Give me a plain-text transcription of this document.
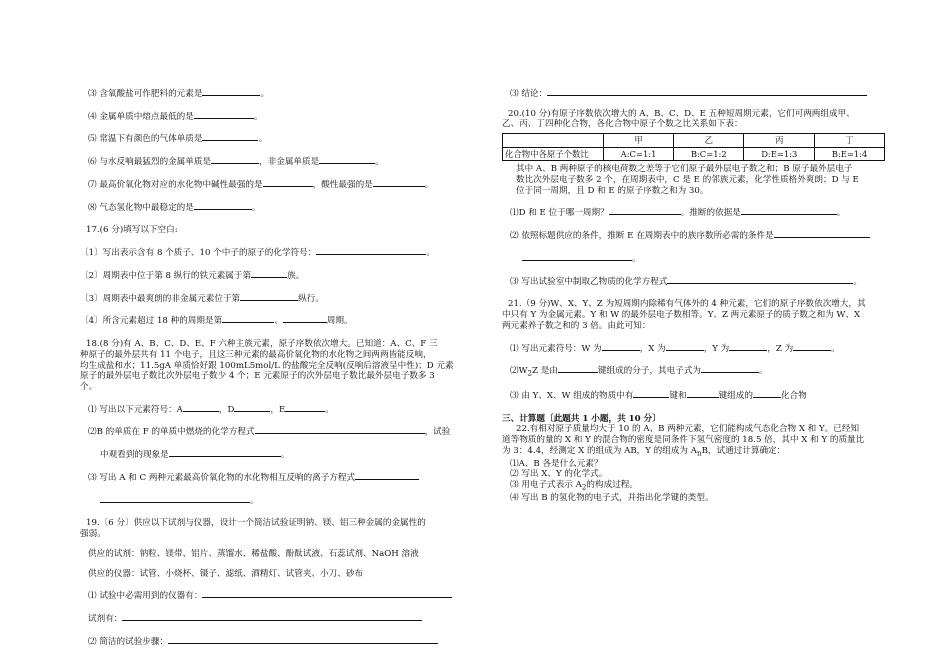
⑶ 含氧酸盐可作肥料的元素是	。

⑷ 金属单质中熔点最低的是	。

⑸ 常温下有颜色的气体单质是	。

⑹ 与水反响最猛烈的金属单质是	，非金属单质是	。

⑺ 最高价氧化物对应的水化物中碱性最强的是	，酸性最强的是	。

⑻ 气态氢化物中最稳定的是	。

17.(6 分)填写以下空白:

〔1〕写出表示含有 8 个质子、10 个中子的原子的化学符号：	。

〔2〕周期表中位于第 8 纵行的铁元素属于第	族。

〔3〕周期表中最爽朗的非金属元素位于第	纵行。

〔4〕所含元素超过 18 种的周期是第	、	周期。

18.(8 分)有 A、B、C、D、E、F 六种主族元素，原子序数依次增大。已知道：A、C、F 三

种原子的最外层共有 11 个电子，且这三种元素的最高价氧化物的水化物之间两两皆能反响，

均生成盐和水；11.5gA 单质恰好跟 100mL5mol/L 的盐酸完全反响(反响后溶液呈中性)；D 元素

原子的最外层电子数比次外层电子数少 4 个；E 元素原子的次外层电子数比最外层电子数多 3

个。

⑴ 写出以下元素符号：A	，D	，E	。

⑵B 的单质在 F 的单质中燃烧的化学方程式	，试验

中观看到的现象是	。

⑶ 写出 A 和 C 两种元素最高价氧化物的水化物相互反响的离子方程式

。

19.〔6 分〕供应以下试剂与仪器，设计一个简洁试验证明钠、镁、铝三种金属的金属性的

强弱。

供应的试剂：钠粒、镁带、铝片、蒸馏水、稀盐酸、酚酞试液、石蕊试剂、NaOH 溶液

供应的仪器：试管、小烧杯、镊子、滤纸、酒精灯、试管夹、小刀、砂布

⑴ 试验中必需用到的仪器有：

试剂有：

⑵ 简洁的试验步骤：

⑶ 结论：

20.(10 分)有原子序数依次增大的 A、B、C、D、E 五种短周期元素，它们可两两组成甲、

乙、丙、丁四种化合物，各化合物中原子个数之比关系如下表：

	甲	乙	丙	丁
化合物中各原子个数比	A:C=1:1	B:C=1:2	D:E=1:3	B:E=1:4

其中 A、B 两种原子的核电荷数之差等于它们原子最外层电子数之和；B 原子最外层电子

数比次外层电子数多 2 个，在周期表中，C 是 E 的邻族元素，化学性质格外爽朗；D 与 E

位于同一周期，且 D 和 E 的原子序数之和为 30。

⑴D 和 E 位于哪一周期？	。推断的依据是	。

⑵ 依照标题供应的条件，推断 E 在周期表中的族序数所必需的条件是

。

⑶ 写出试验室中制取乙物质的化学方程式	。

21.（9 分)W、X、Y、Z 为短周期内除稀有气体外的 4 种元素，它们的原子序数依次增大，其

中只有 Y 为金属元素。Y 和 W 的最外层电子数相等。Y、Z 两元素原子的质子数之和为 W、X

两元素养子数之和的 3 倍。由此可知：

⑴ 写出元素符号：W 为	，X 为	，Y 为	，Z 为	。

$⑵W_2Z$ 是由	键组成的分子，其电子式为	。

⑶ 由 Y、X、W 组成的物质中有	键和	键组成的	化合物

三、计算题〔此题共 1 小题，共 10 分〕

22.有相对原子质量均大于 10 的 A、B 两种元素，它们能构成气态化合物 X 和 Y。已经知

道等物质的量的 X 和 Y 的混合物的密度是同条件下氢气密度的 18.5 倍，其中 X 和 Y 的质量比

为 3：4.4，经测定 X 的组成为 AB，Y 的组成为 $A_nB$，试通过计算确定：

⑴A、B 各是什么元素？

⑵ 写出 X、Y 的化学式。

⑶ 用电子式表示 $A_2$的构成过程。

⑷ 写出 B 的氢化物的电子式，并指出化学键的类型。
